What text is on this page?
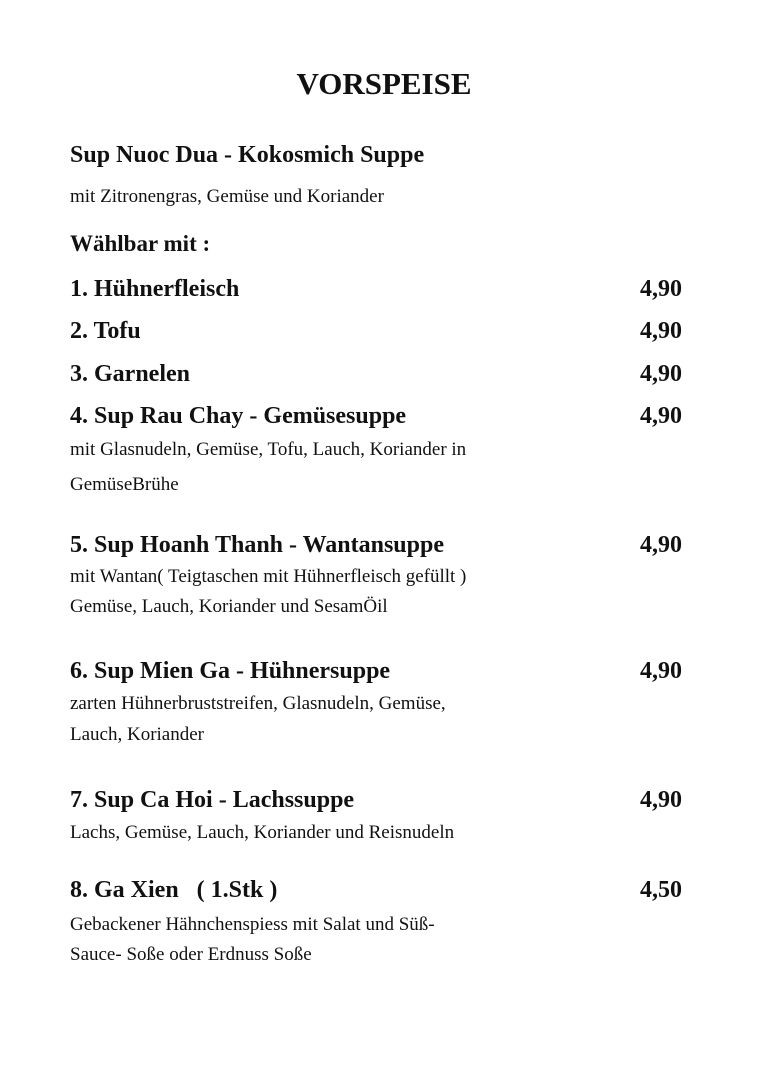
VORSPEISE
Sup Nuoc Dua - Kokosmich Suppe
mit Zitronengras, Gemüse und Koriander
Wählbar mit :
1. Hühnerfleisch	4,90
2. Tofu	4,90
3. Garnelen	4,90
4. Sup Rau Chay - Gemüsesuppe	4,90
mit Glasnudeln, Gemüse, Tofu, Lauch, Koriander in
GemüseBrühe
5. Sup Hoanh Thanh - Wantansuppe	4,90
mit Wantan( Teigtaschen mit Hühnerfleisch gefüllt )
Gemüse, Lauch, Koriander und SesamÖil
6. Sup Mien Ga - Hühnersuppe	4,90
zarten Hühnerbruststreifen, Glasnudeln, Gemüse,
Lauch, Koriander
7. Sup Ca Hoi - Lachssuppe	4,90
Lachs, Gemüse, Lauch, Koriander und Reisnudeln
8. Ga Xien   ( 1.Stk )	4,50
Gebackener Hähnchenspiess mit Salat und Süß-
Sauce- Soße oder Erdnuss Soße
